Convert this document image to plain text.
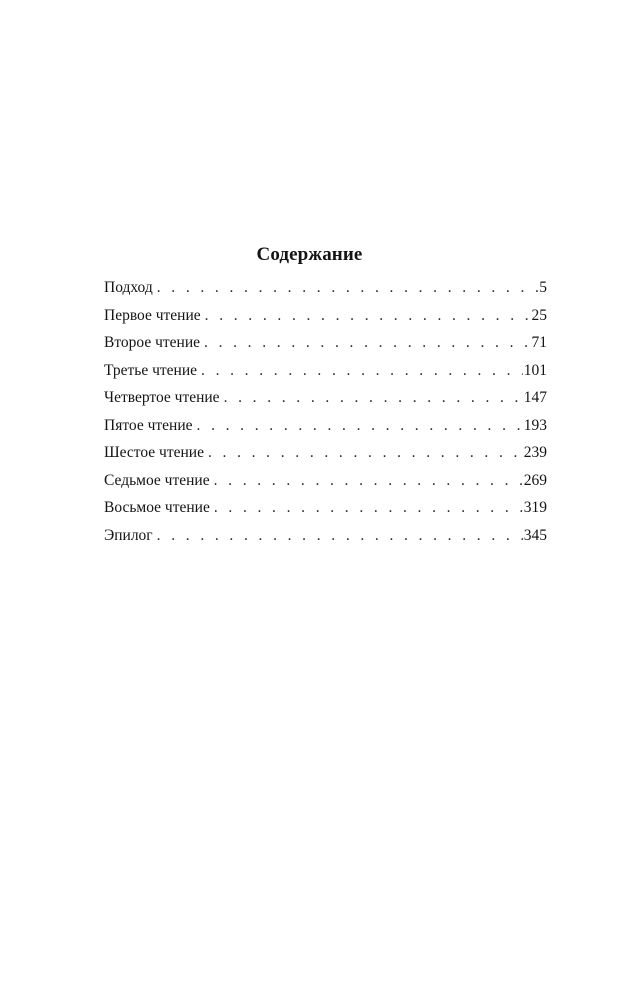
Содержание
Подход . . .	5
Первое чтение . . .	25
Второе чтение . . .	71
Третье чтение . . .	101
Четвертое чтение . . .	147
Пятое чтение . . .	193
Шестое чтение . . .	239
Седьмое чтение . . .	269
Восьмое чтение . . .	319
Эпилог . . .	345
